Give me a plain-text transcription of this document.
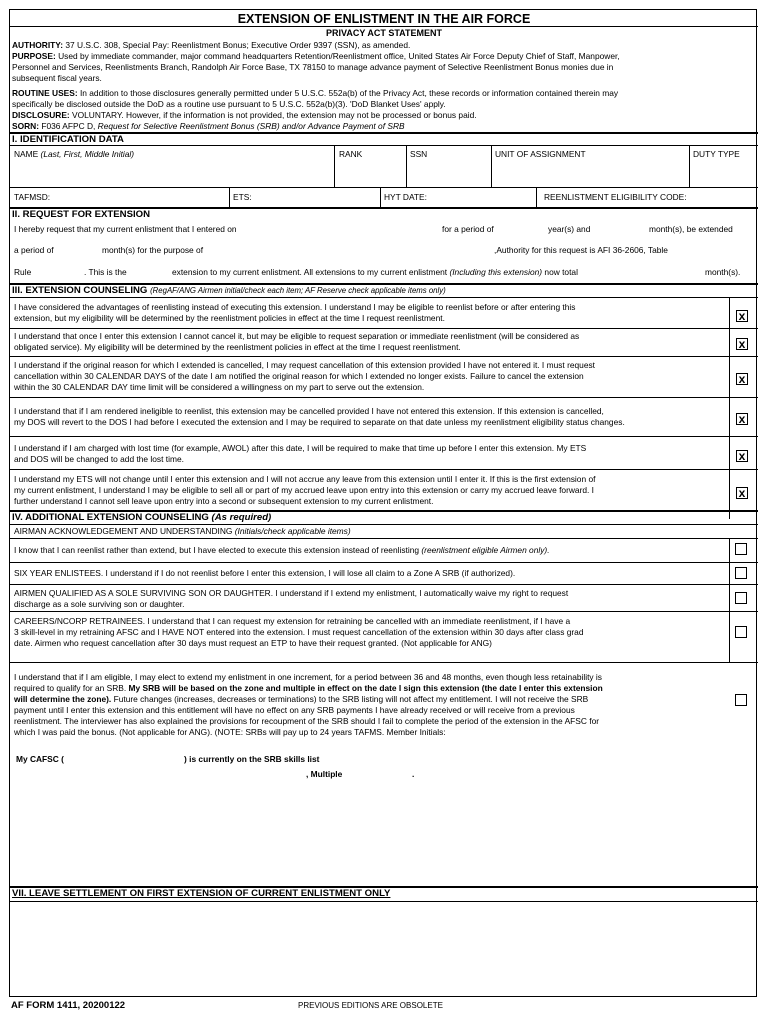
EXTENSION OF ENLISTMENT IN THE AIR FORCE
PRIVACY ACT STATEMENT
AUTHORITY: 37 U.S.C. 308, Special Pay: Reenlistment Bonus; Executive Order 9397 (SSN), as amended.
PURPOSE: Used by immediate commander, major command headquarters Retention/Reenlistment office, United States Air Force Deputy Chief of Staff, Manpower,
Personnel and Services, Reenlistments Branch, Randolph Air Force Base, TX 78150 to manage advance payment of Selective Reenlistment Bonus monies due in
subsequent fiscal years.
ROUTINE USES: In addition to those disclosures generally permitted under 5 U.S.C. 552a(b) of the Privacy Act, these records or information contained therein may
specifically be disclosed outside the DoD as a routine use pursuant to 5 U.S.C. 552a(b)(3). 'DoD Blanket Uses' apply.
DISCLOSURE: VOLUNTARY. However, if the information is not provided, the extension may not be processed or bonus paid.
SORN: F036 AFPC D, Request for Selective Reenlistment Bonus (SRB) and/or Advance Payment of SRB
I. IDENTIFICATION DATA
NAME (Last, First, Middle Initial)	RANK	SSN	UNIT OF ASSIGNMENT	DUTY TYPE
TAFMSD:	ETS:	HYT DATE:	REENLISTMENT ELIGIBILITY CODE:
II. REQUEST FOR EXTENSION
I hereby request that my current enlistment that I entered on	for a period of	year(s) and	month(s), be extended
a period of	month(s) for the purpose of	,Authority for this request is AFI 36-2606, Table
Rule	. This is the	extension to my current enlistment. All extensions to my current enlistment (Including this extension) now total	month(s).
III. EXTENSION COUNSELING (RegAF/ANG Airmen initial/check each item; AF Reserve check applicable items only)
I have considered the advantages of reenlisting instead of executing this extension. I understand I may be eligible to reenlist before or after entering this
extension, but my eligibility will be determined by the reenlistment policies in effect at the time I request reenlistment.	x
I understand that once I enter this extension I cannot cancel it, but may be eligible to request separation or immediate reenlistment (will be considered as
obligated service). My eligibility will be determined by the reenlistment policies in effect at the time I request reenlistment.	x
I understand if the original reason for which I extended is cancelled, I may request cancellation of this extension provided I have not entered it. I must request
cancellation within 30 CALENDAR DAYS of the date I am notified the original reason for which I extended no longer exists. Failure to cancel the extension
within the 30 CALENDAR DAY time limit will be considered a willingness on my part to serve out the extension.
x
I understand that if I am rendered ineligible to reenlist, this extension may be cancelled provided I have not entered this extension. If this extension is cancelled,
my DOS will revert to the DOS I had before I executed the extension and I may be required to separate on that date unless my reenlistment eligibility status changes.	x
I understand if I am charged with lost time (for example, AWOL) after this date, I will be required to make that time up before I enter this extension. My ETS
and DOS will be changed to add the lost time.	x
I understand my ETS will not change until I enter this extension and I will not accrue any leave from this extension until I enter it. If this is the first extension of
my current enlistment, I understand I may be eligible to sell all or part of my accrued leave upon entry into this extension or carry my accrued leave forward. I
further understand I cannot sell leave upon entry into a second or subsequent extension to my current enlistment.
x
IV. ADDITIONAL EXTENSION COUNSELING (As required)
AIRMAN ACKNOWLEDGEMENT AND UNDERSTANDING (Initials/check applicable items)
I know that I can reenlist rather than extend, but I have elected to execute this extension instead of reenlisting (reenlistment eligible Airmen only).
SIX YEAR ENLISTEES. I understand if I do not reenlist before I enter this extension, I will lose all claim to a Zone A SRB (if authorized).
AIRMEN QUALIFIED AS A SOLE SURVIVING SON OR DAUGHTER. I understand if I extend my enlistment, I automatically waive my right to request
discharge as a sole surviving son or daughter.
CAREERS/NCORP RETRAINEES. I understand that I can request my extension for retraining be cancelled with an immediate reenlistment, if I have a
3 skill-level in my retraining AFSC and I HAVE NOT entered into the extension. I must request cancellation of the extension within 30 days after class grad
date. Airmen who request cancellation after 30 days must request an ETP to have their request granted. (Not applicable for ANG)
I understand that if I am eligible, I may elect to extend my enlistment in one increment, for a period between 36 and 48 months, even though less retainability is
required to qualify for an SRB. My SRB will be based on the zone and multiple in effect on the date I sign this extension (the date I enter this extension
will determine the zone). Future changes (increases, decreases or terminations) to the SRB listing will not affect my entitlement. I will not receive the SRB
payment until I enter this extension and this entitlement will have no effect on any SRB payments I have already received or will receive from a previous
reenlistment. The interviewer has also explained the provisions for recoupment of the SRB should I fail to complete the period of the extension in the AFSC for
which I was paid the bonus. (Not applicable for ANG). (NOTE: SRBs will pay up to 24 years TAFMS. Member Initials:
My CAFSC (	) is currently on the SRB skills list
, Multiple	.
VII. LEAVE SETTLEMENT ON FIRST EXTENSION OF CURRENT ENLISTMENT ONLY
AF FORM 1411, 20200122	PREVIOUS EDITIONS ARE OBSOLETE
